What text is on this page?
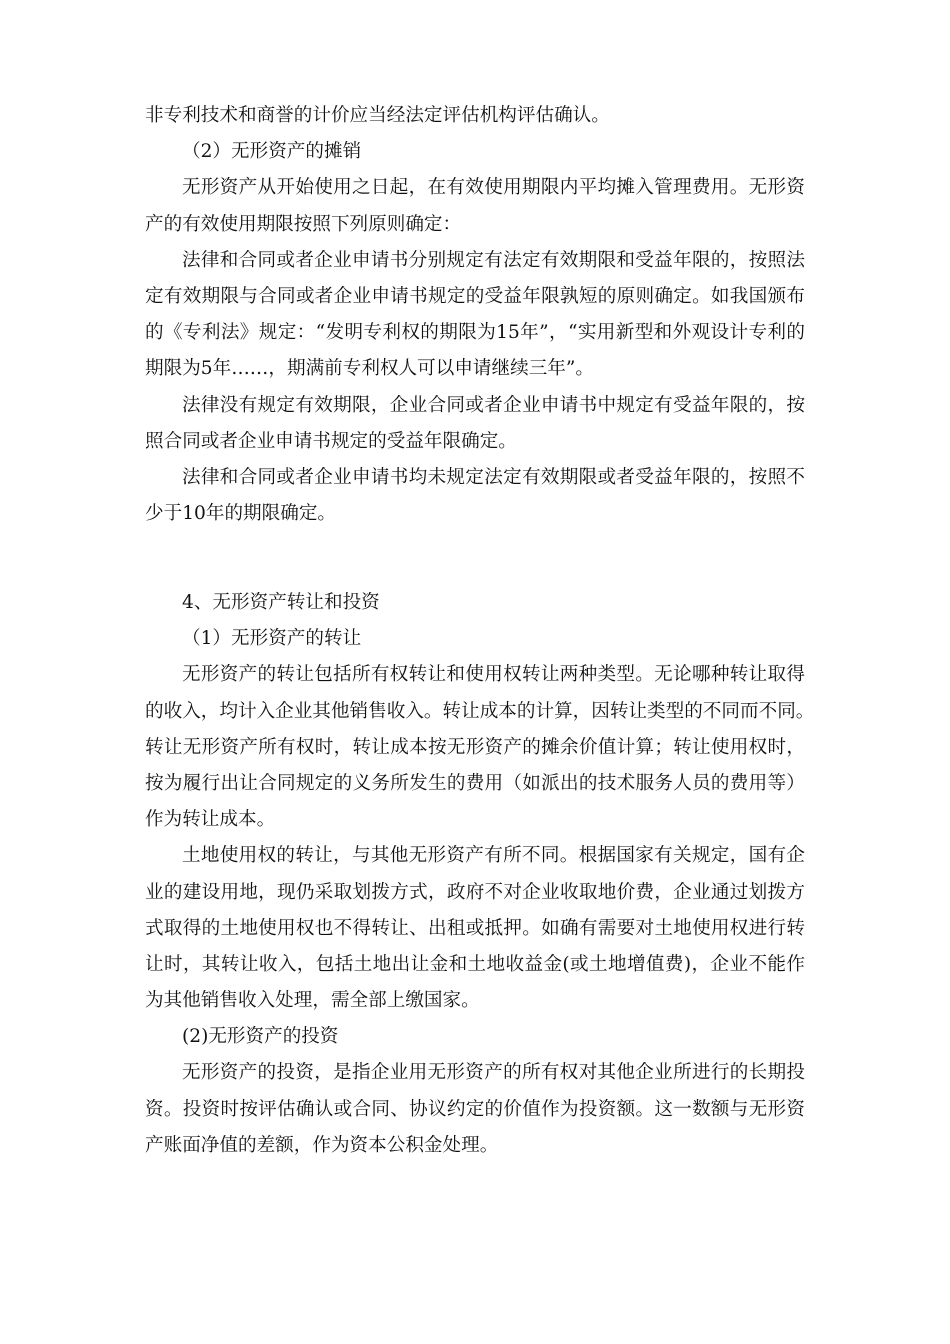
非专利技术和商誉的计价应当经法定评估机构评估确认。
（2）无形资产的摊销
无形资产从开始使用之日起，在有效使用期限内平均摊入管理费用。无形资
产的有效使用期限按照下列原则确定：
法律和合同或者企业申请书分别规定有法定有效期限和受益年限的，按照法
定有效期限与合同或者企业申请书规定的受益年限孰短的原则确定。如我国颁布
的《专利法》规定：“发明专利权的期限为15年”，“实用新型和外观设计专利的
期限为5年……，期满前专利权人可以申请继续三年”。
法律没有规定有效期限，企业合同或者企业申请书中规定有受益年限的，按
照合同或者企业申请书规定的受益年限确定。
法律和合同或者企业申请书均未规定法定有效期限或者受益年限的，按照不
少于10年的期限确定。
4、无形资产转让和投资
（1）无形资产的转让
无形资产的转让包括所有权转让和使用权转让两种类型。无论哪种转让取得
的收入，均计入企业其他销售收入。转让成本的计算，因转让类型的不同而不同。
转让无形资产所有权时，转让成本按无形资产的摊余价值计算；转让使用权时，
按为履行出让合同规定的义务所发生的费用（如派出的技术服务人员的费用等）
作为转让成本。
土地使用权的转让，与其他无形资产有所不同。根据国家有关规定，国有企
业的建设用地，现仍采取划拨方式，政府不对企业收取地价费，企业通过划拨方
式取得的土地使用权也不得转让、出租或抵押。如确有需要对土地使用权进行转
让时，其转让收入，包括土地出让金和土地收益金(或土地增值费)，企业不能作
为其他销售收入处理，需全部上缴国家。
(2)无形资产的投资
无形资产的投资，是指企业用无形资产的所有权对其他企业所进行的长期投
资。投资时按评估确认或合同、协议约定的价值作为投资额。这一数额与无形资
产账面净值的差额，作为资本公积金处理。
